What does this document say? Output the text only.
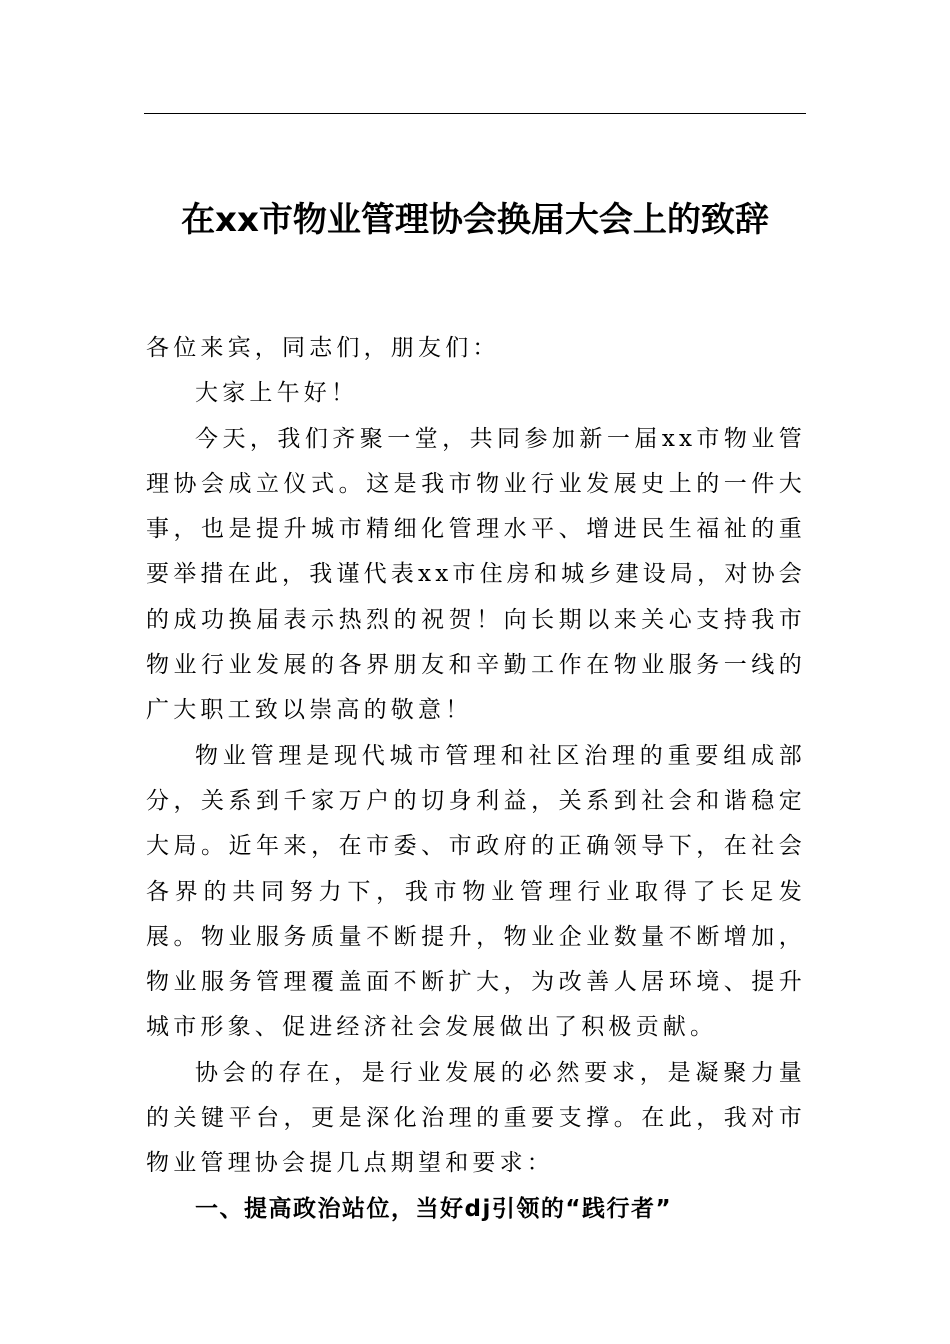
在xx市物业管理协会换届大会上的致辞

各位来宾，同志们，朋友们：

大家上午好！

今天，我们齐聚一堂，共同参加新一届xx市物业管理协会成立仪式。这是我市物业行业发展史上的一件大事，也是提升城市精细化管理水平、增进民生福祉的重要举措在此，我谨代表xx市住房和城乡建设局，对协会的成功换届表示热烈的祝贺！向长期以来关心支持我市物业行业发展的各界朋友和辛勤工作在物业服务一线的广大职工致以崇高的敬意！

物业管理是现代城市管理和社区治理的重要组成部分，关系到千家万户的切身利益，关系到社会和谐稳定大局。近年来，在市委、市政府的正确领导下，在社会各界的共同努力下，我市物业管理行业取得了长足发展。物业服务质量不断提升，物业企业数量不断增加，物业服务管理覆盖面不断扩大，为改善人居环境、提升城市形象、促进经济社会发展做出了积极贡献。

协会的存在，是行业发展的必然要求，是凝聚力量的关键平台，更是深化治理的重要支撑。在此，我对市物业管理协会提几点期望和要求：

一、提高政治站位，当好dj引领的“践行者”
